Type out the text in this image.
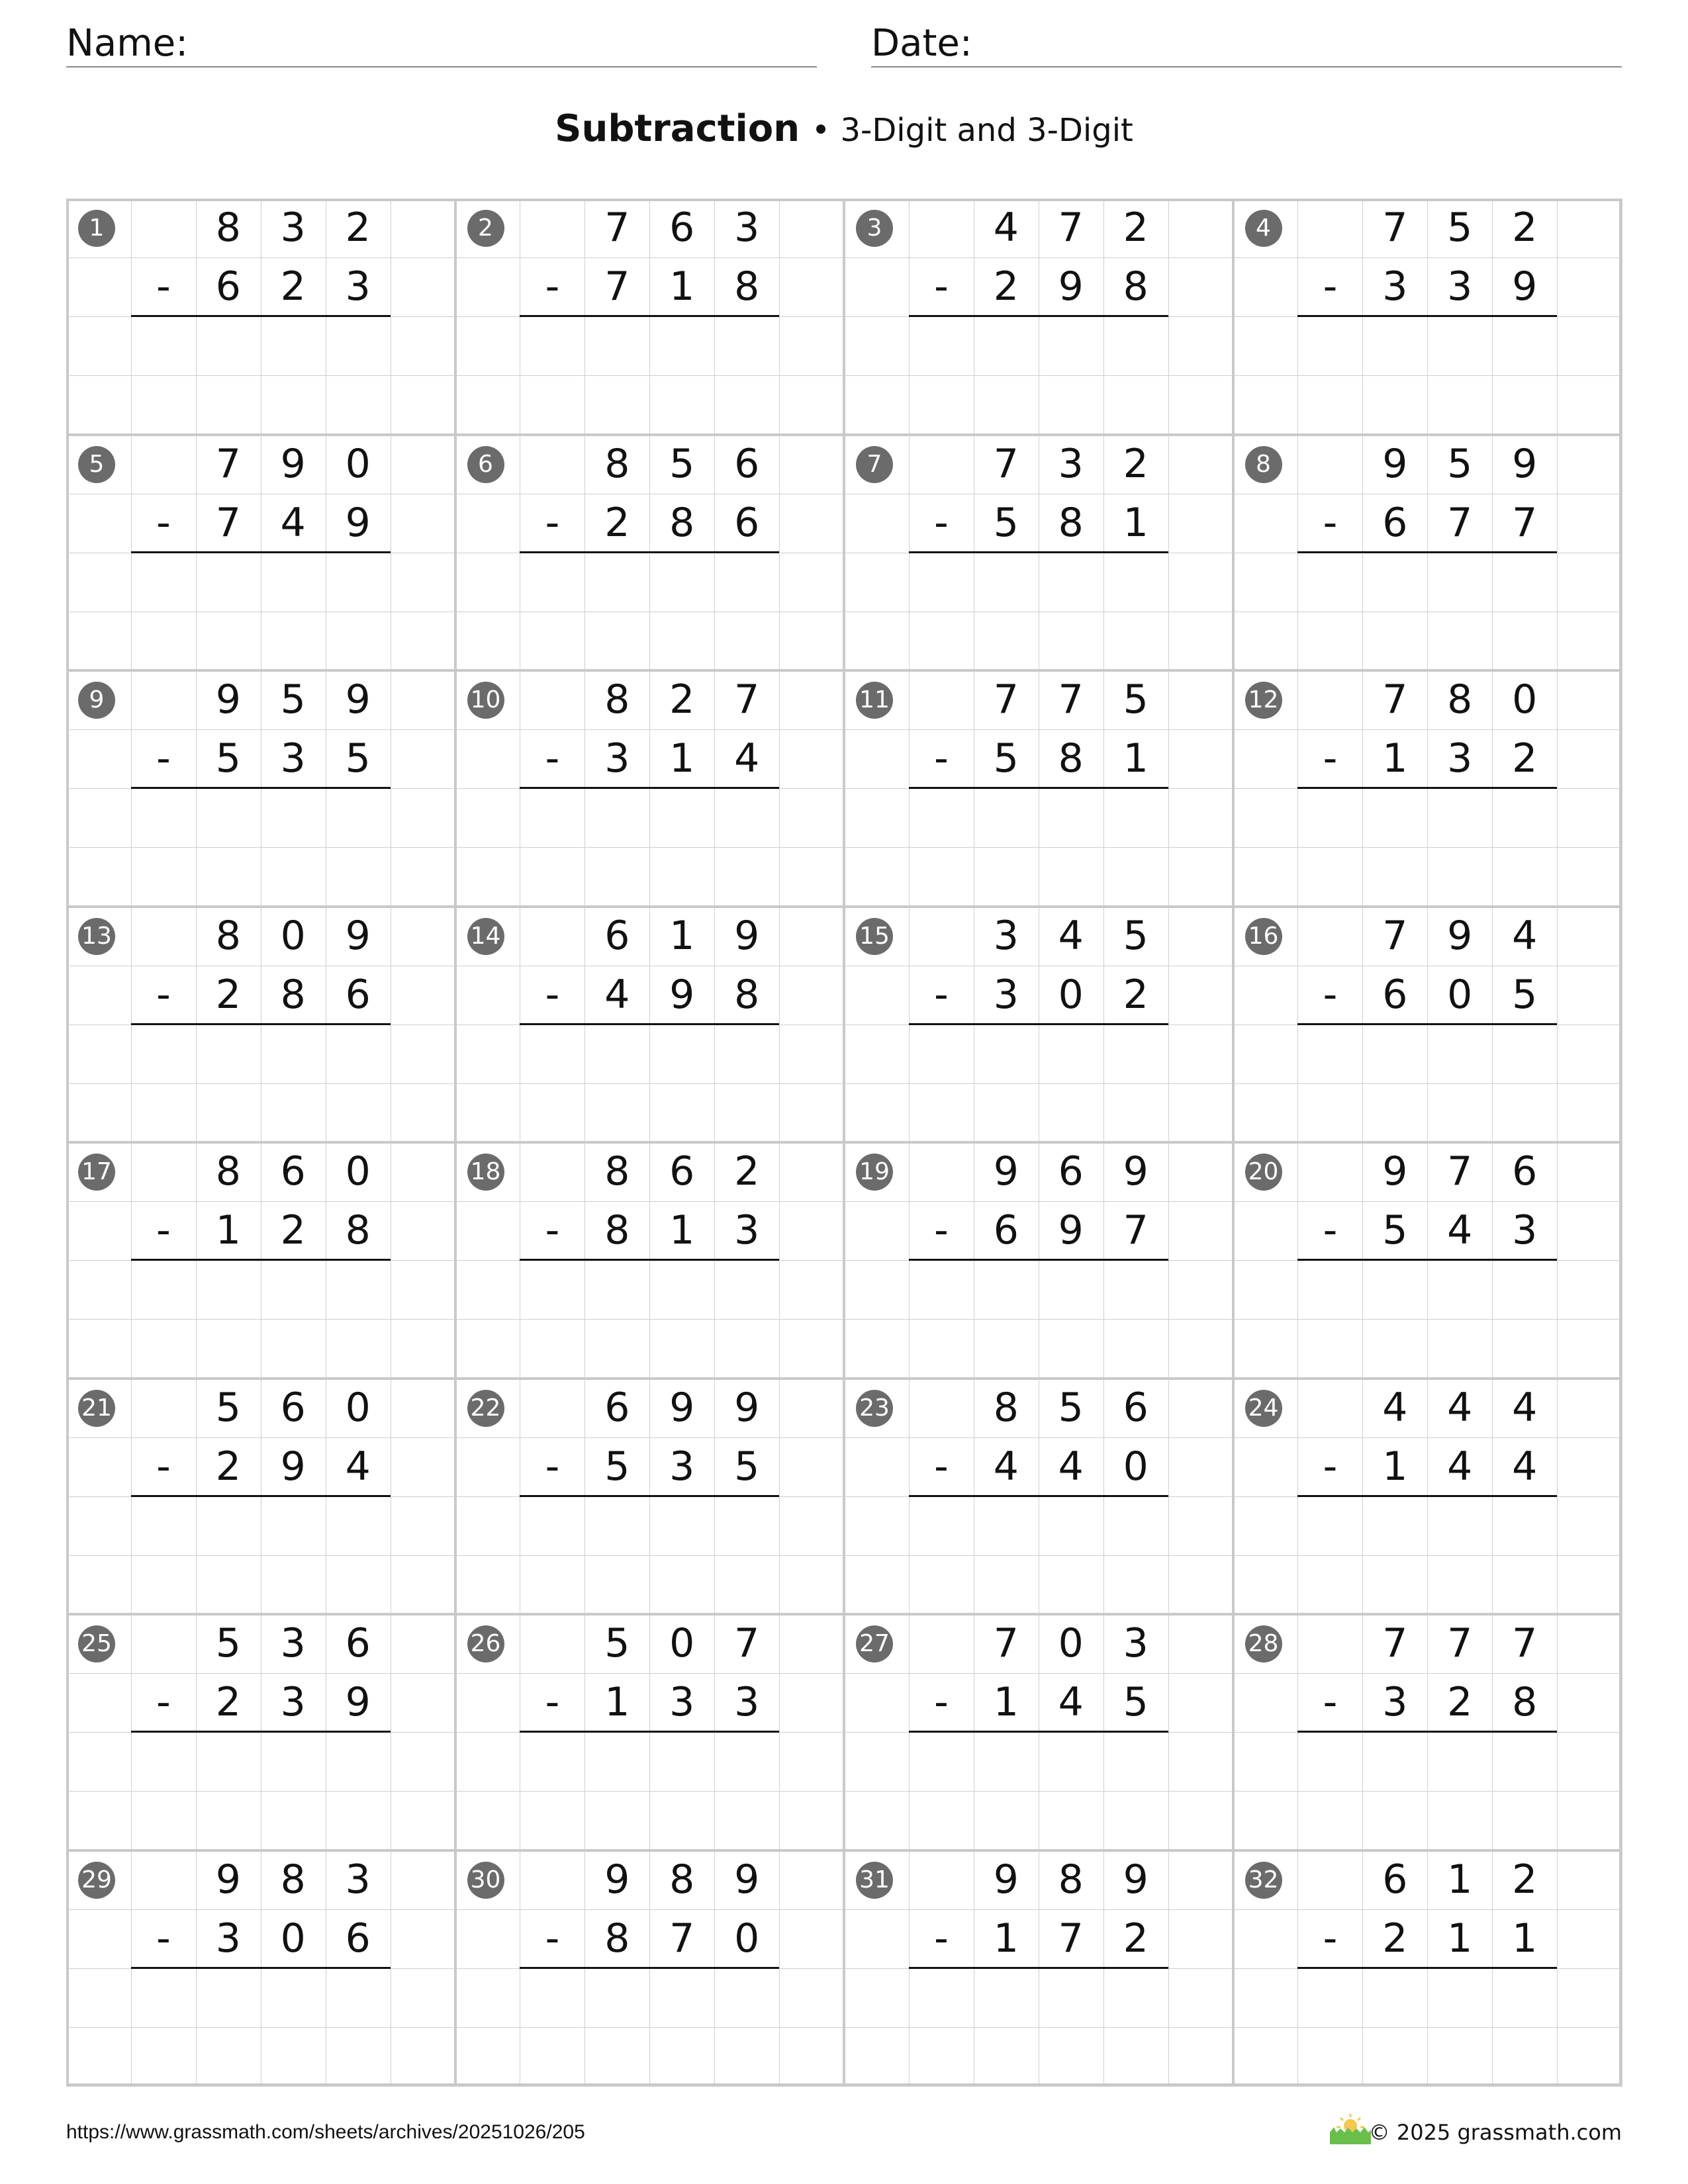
Name:	Date:
Subtraction • 3-Digit and 3-Digit
1	8 3 2
-	6 2 3
2	7 6 3
-	7 1 8
3	4 7 2
-	2 9 8
4	7 5 2
-	3 3 9
5	7 9 0
-	7 4 9
6	8 5 6
-	2 8 6
7	7 3 2
-	5 8 1
8	9 5 9
-	6 7 7
9	9 5 9
-	5 3 5
10	8 2 7
-	3 1 4
11	7 7 5
-	5 8 1
12	7 8 0
-	1 3 2
13	8 0 9
-	2 8 6
14	6 1 9
-	4 9 8
15	3 4 5
-	3 0 2
16	7 9 4
-	6 0 5
17	8 6 0
-	1 2 8
18	8 6 2
-	8 1 3
19	9 6 9
-	6 9 7
20	9 7 6
-	5 4 3
21	5 6 0
-	2 9 4
22	6 9 9
-	5 3 5
23	8 5 6
-	4 4 0
24	4 4 4
-	1 4 4
25	5 3 6
-	2 3 9
26	5 0 7
-	1 3 3
27	7 0 3
-	1 4 5
28	7 7 7
-	3 2 8
29	9 8 3
-	3 0 6
30	9 8 9
-	8 7 0
31	9 8 9
-	1 7 2
32	6 1 2
-	2 1 1
https://www.grassmath.com/sheets/archives/20251026/205	© 2025 grassmath.com
